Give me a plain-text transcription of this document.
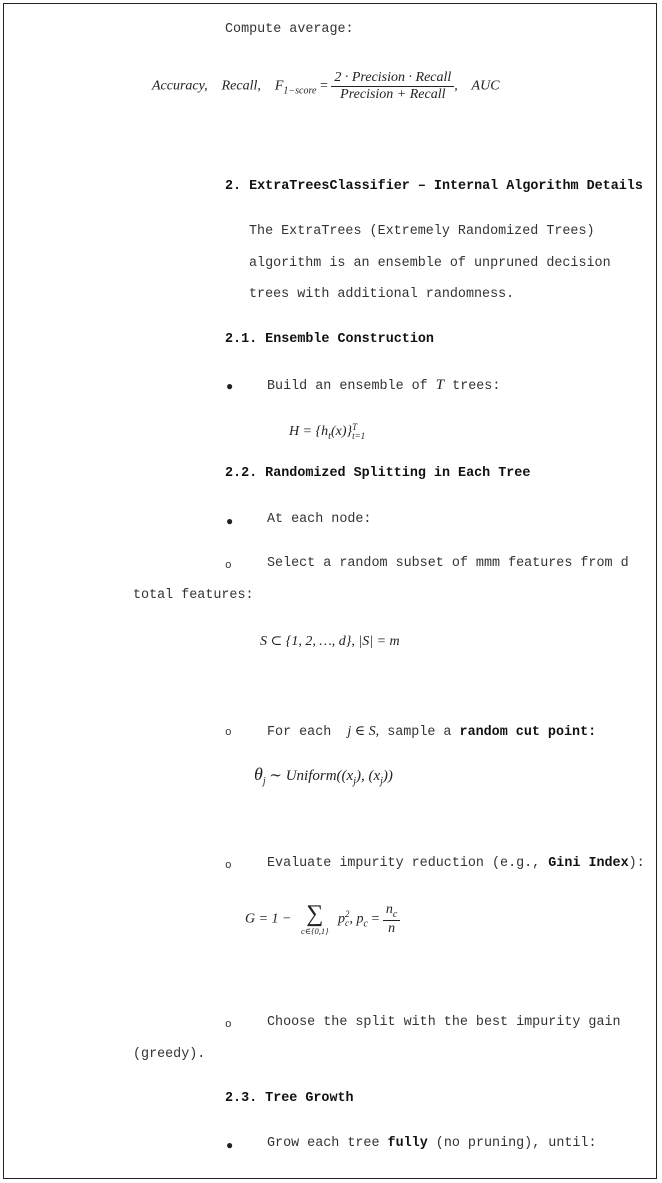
Compute average:
Accuracy, Recall, $F_{1-score} = \frac{\text{2 · Precision · Recall}}{\text{Precision + Recall}}$ , AUC
2. ExtraTreesClassifier – Internal Algorithm Details
The ExtraTrees (Extremely Randomized Trees)
algorithm is an ensemble of unpruned decision
trees with additional randomness.
2.1. Ensemble Construction
●	Build an ensemble of T trees:
$H = \{h_t(x)\}$ T
t=1
2.2. Randomized Splitting in Each Tree
●	At each node:
o	Select a random subset of mmm features from d
total features:
S ⊂ {1, 2, …, d}, |S| = m
o	For each j ∈ S, sample a random cut point:
$\theta_j$ ∼ $Uniform((x_j)$, $(x_j)$)
o	Evaluate impurity reduction (e.g., Gini Index):
G = 1 − ∑
c∈{0,1}
p 2
c , $p_c = \frac{n_c}{n}$
o	Choose the split with the best impurity gain
(greedy).
2.3. Tree Growth
●	Grow each tree fully (no pruning), until:
